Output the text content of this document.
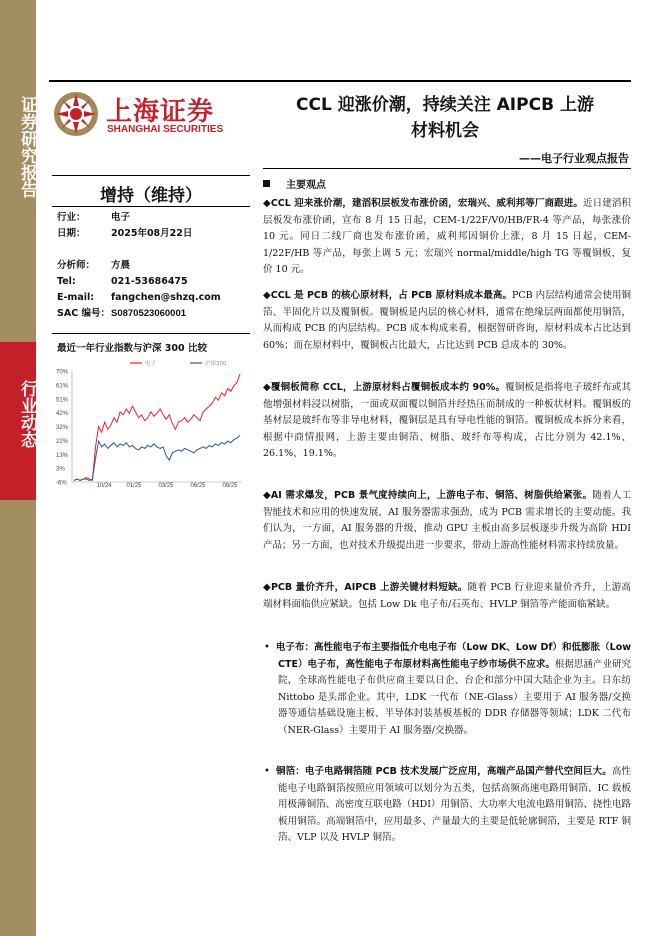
证券研究报告
行业动态
上海证券
SHANGHAI SECURITIES
CCL 迎涨价潮，持续关注 AIPCB 上游
材料机会
——电子行业观点报告
增持（维持）
行业：	电子
日期：	2025年08月22日
分析师： 方晨
Tel:	021-53686475
E-mail: fangchen@shzq.com
SAC 编号：S0870523060001
最近一年行业指数与沪深 300 比较
70%
61%
51%
42%
32%
22%
13%
3%
-6%	10/24 01/25	03/25	06/25	08/25
电子	沪深300
主要观点

◆CCL 迎来涨价潮，建滔积层板发布涨价函，宏瑞兴、威利邦等厂商跟进。近日建滔积层板发布涨价函，宣布 8 月 15 日起，CEM-1/22F/V0/HB/FR-4 等产品，每张涨价 10 元。同日二线厂商也发布涨价函，威利邦因铜价上涨，8 月 15 日起，CEM-1/22F/HB 等产品，每张上调 5 元；宏瑞兴 normal/middle/high TG 等覆铜板，复价 10 元。

◆CCL 是 PCB 的核心原材料，占 PCB 原材料成本最高。PCB 内层结构通常会使用铜箔、半固化片以及覆铜板。覆铜板是内层的核心材料，通常在绝缘层两面都使用铜箔，从而构成 PCB 的内层结构。PCB 成本构成来看，根据智研咨询，原材料成本占比达到 60%；而在原材料中，覆铜板占比最大，占比达到 PCB 总成本的 30%。

◆覆铜板简称 CCL，上游原材料占覆铜板成本约 90%。覆铜板是指将电子玻纤布或其他增强材料浸以树脂，一面或双面覆以铜箔并经热压而制成的一种板状材料。覆铜板的基材层是玻纤布等非导电材料，覆铜层是具有导电性能的铜箔。覆铜板成本拆分来看，根据中商情报网，上游主要由铜箔、树脂、玻纤布等构成，占比分别为 42.1%、26.1%、19.1%。

◆AI 需求爆发，PCB 景气度持续向上，上游电子布、铜箔、树脂供给紧张。随着人工智能技术和应用的快速发展，AI 服务器需求强劲，成为 PCB 需求增长的主要动能。我们认为，一方面，AI 服务器的升级，推动 GPU 主板由高多层板逐步升级为高阶 HDI 产品；另一方面，也对技术升级提出进一步要求，带动上游高性能材料需求持续放量。

◆PCB 量价齐升，AIPCB 上游关键材料短缺。随着 PCB 行业迎来量价齐升，上游高端材料面临供应紧缺。包括 Low Dk 电子布/石英布、HVLP 铜箔等产能面临紧缺。

• 电子布：高性能电子布主要指低介电电子布（Low DK、Low Df）和低膨胀（Low CTE）电子布，高性能电子布原材料高性能电子纱市场供不应求。根据思涵产业研究院，全球高性能电子布供应商主要以日企、台企和部分中国大陆企业为主。日东纺 Nittobo 是头部企业。其中，LDK 一代布（NE-Glass）主要用于 AI 服务器/交换器等通信基础设施主板、半导体封装基板基板的 DDR 存储器等领域；LDK 二代布（NER-Glass）主要用于 AI 服务器/交换器。

• 铜箔：电子电路铜箔随 PCB 技术发展广泛应用，高端产品国产替代空间巨大。高性能电子电路铜箔按照应用领域可以划分为五类，包括高频高速电路用铜箔、IC 载板用极薄铜箔、高密度互联电路（HDI）用铜箔、大功率大电流电路用铜箔、挠性电路板用铜箔。高端铜箔中，应用最多、产量最大的主要是低轮廓铜箔，主要是 RTF 铜箔、VLP 以及 HVLP 铜箔。
